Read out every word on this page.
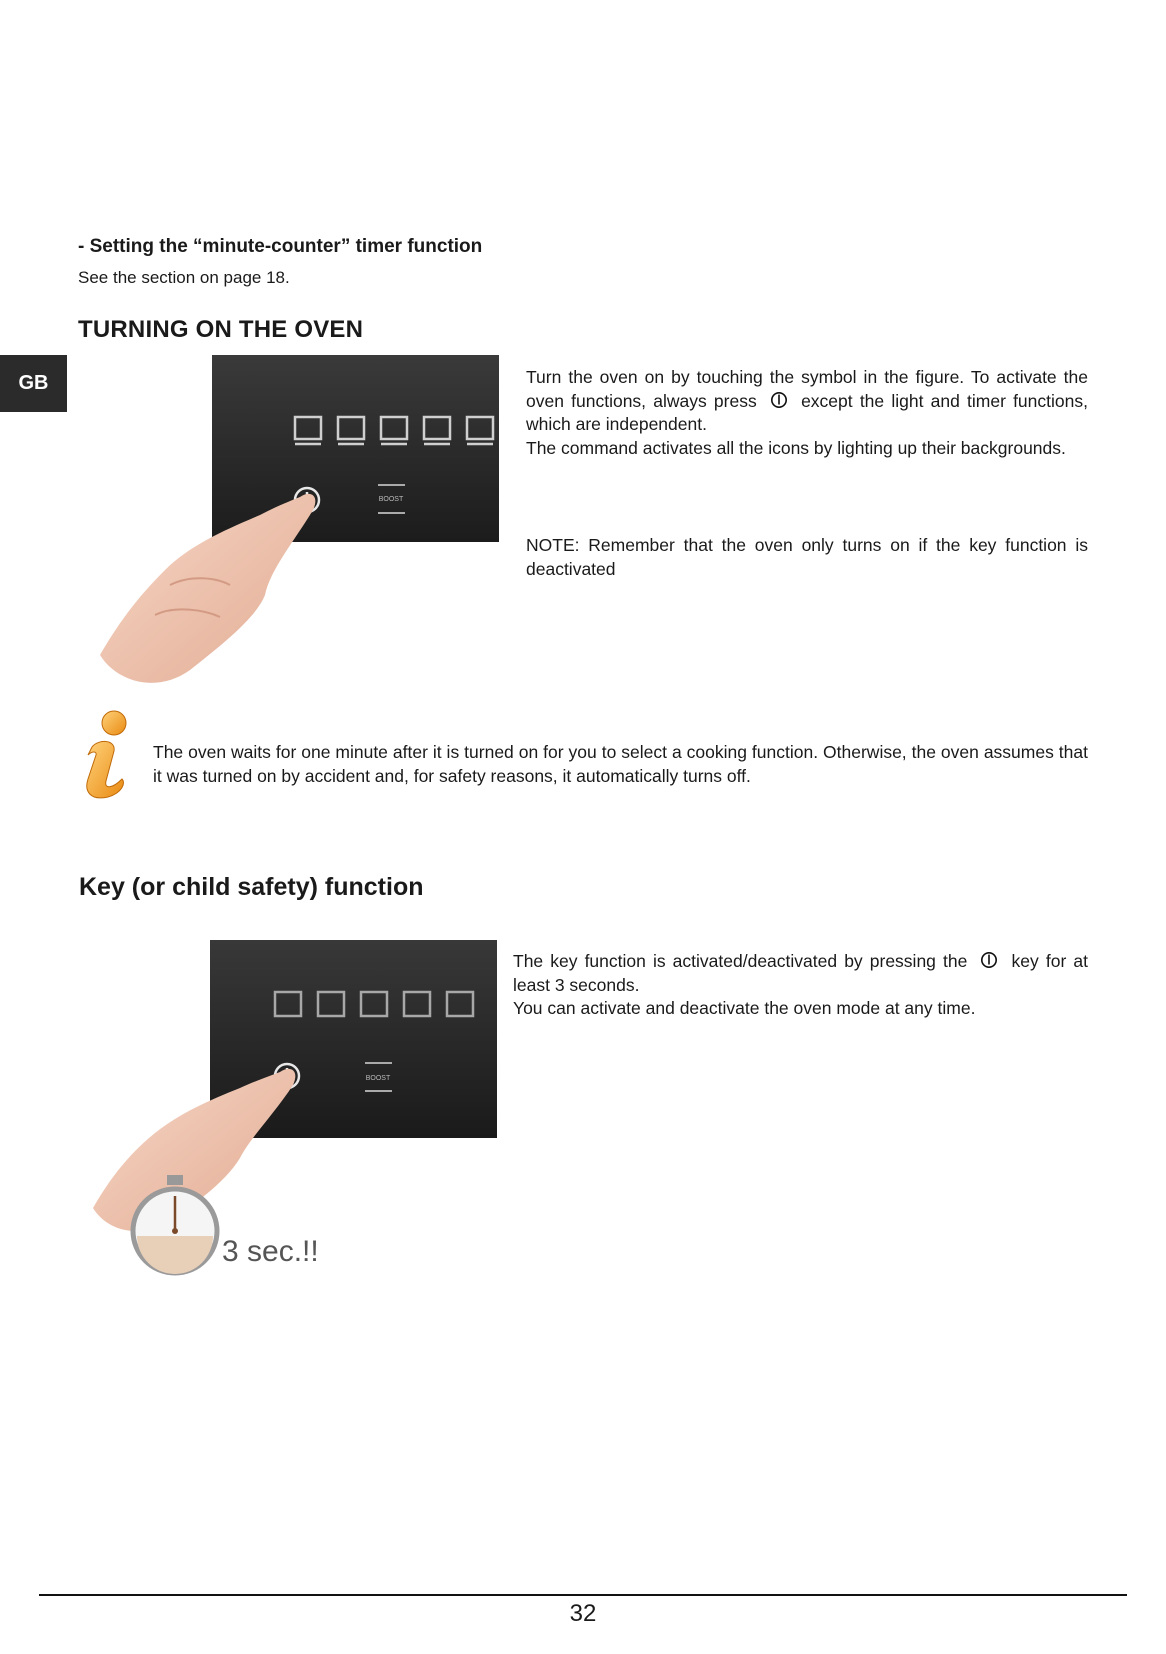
- Setting the “minute-counter” timer function
See the section on page 18.
TURNING ON THE OVEN
GB
BOOST
Turn the oven on by touching the symbol in the figure. To activate the oven functions, always press	except the light and timer functions, which are independent.
The command activates all the icons by lighting up their backgrounds.
NOTE: Remember that the oven only turns on if the key function is deactivated
The oven waits for one minute after it is turned on for you to select a cooking function. Otherwise, the oven assumes that it was turned on by accident and, for safety reasons, it automatically turns off.
Key (or child safety) function
BOOST
3 sec.!!
The key function is activated/deactivated by pressing the	key for at least 3 seconds.
You can activate and deactivate the oven mode at any time.
32
